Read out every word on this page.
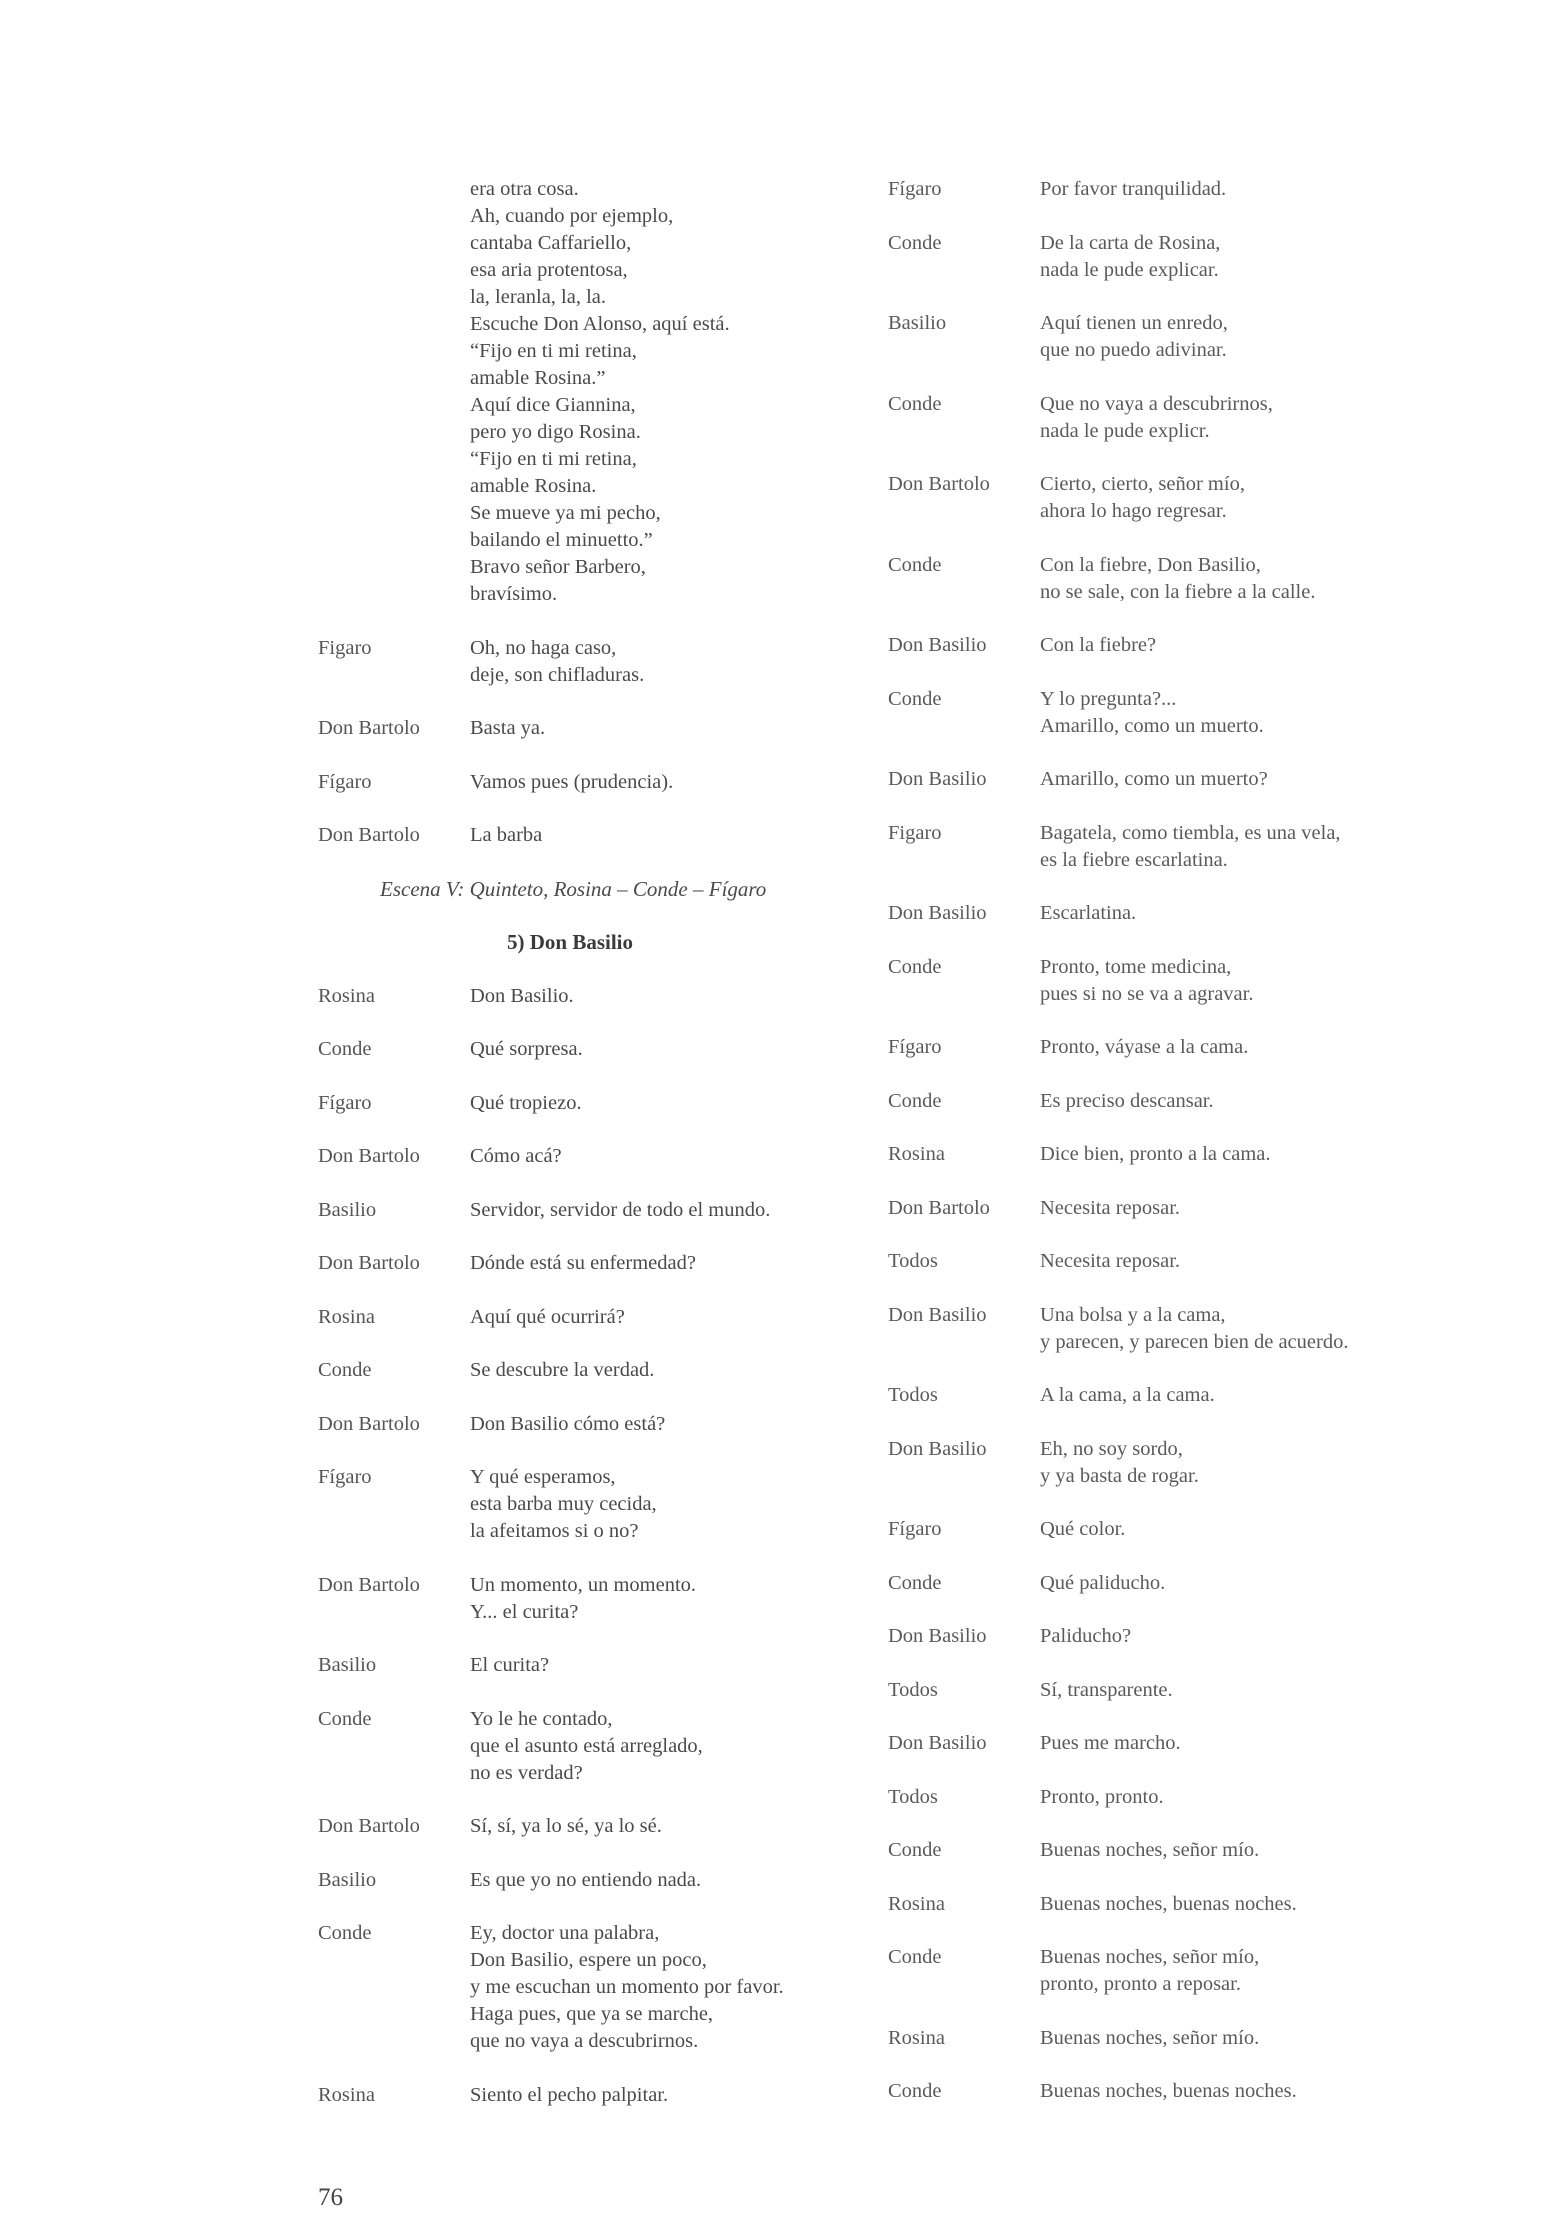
era otra cosa.
Ah, cuando por ejemplo,
cantaba Caffariello,
esa aria protentosa,
la, leranla, la, la.
Escuche Don Alonso, aquí está.
“Fijo en ti mi retina,
amable Rosina.”
Aquí dice Giannina,
pero yo digo Rosina.
“Fijo en ti mi retina,
amable Rosina.
Se mueve ya mi pecho,
bailando el minuetto.”
Bravo señor Barbero,
bravísimo.
Figaro	Oh, no haga caso,
deje, son chifladuras.
Don Bartolo Basta ya.
Fígaro	Vamos pues (prudencia).
Don Bartolo La barba
Escena V: Quinteto, Rosina – Conde – Fígaro
5) Don Basilio
Rosina	Don Basilio.
Conde	Qué sorpresa.
Fígaro	Qué tropiezo.
Don Bartolo Cómo acá?
Basilio	Servidor, servidor de todo el mundo.
Don Bartolo Dónde está su enfermedad?
Rosina	Aquí qué ocurrirá?
Conde	Se descubre la verdad.
Don Bartolo Don Basilio cómo está?
Fígaro	Y qué esperamos,
esta barba muy cecida,
la afeitamos si o no?
Don Bartolo Un momento, un momento.
Y... el curita?
Basilio	El curita?
Conde	Yo le he contado,
que el asunto está arreglado,
no es verdad?
Don Bartolo Sí, sí, ya lo sé, ya lo sé.
Basilio	Es que yo no entiendo nada.
Conde	Ey, doctor una palabra,
Don Basilio, espere un poco,
y me escuchan un momento por favor.
Haga pues, que ya se marche,
que no vaya a descubrirnos.
Rosina	Siento el pecho palpitar.
Fígaro	Por favor tranquilidad.
Conde	De la carta de Rosina,
nada le pude explicar.
Basilio	Aquí tienen un enredo,
que no puedo adivinar.
Conde	Que no vaya a descubrirnos,
nada le pude explicr.
Don Bartolo Cierto, cierto, señor mío,
ahora lo hago regresar.
Conde	Con la fiebre, Don Basilio,
no se sale, con la fiebre a la calle.
Don Basilio	Con la fiebre?
Conde	Y lo pregunta?...
Amarillo, como un muerto.
Don Basilio	Amarillo, como un muerto?
Figaro	Bagatela, como tiembla, es una vela,
es la fiebre escarlatina.
Don Basilio	Escarlatina.
Conde	Pronto, tome medicina,
pues si no se va a agravar.
Fígaro	Pronto, váyase a la cama.
Conde	Es preciso descansar.
Rosina	Dice bien, pronto a la cama.
Don Bartolo Necesita reposar.
Todos	Necesita reposar.
Don Basilio	Una bolsa y a la cama,
y parecen, y parecen bien de acuerdo.
Todos	A la cama, a la cama.
Don Basilio	Eh, no soy sordo,
y ya basta de rogar.
Fígaro	Qué color.
Conde	Qué paliducho.
Don Basilio	Paliducho?
Todos	Sí, transparente.
Don Basilio	Pues me marcho.
Todos	Pronto, pronto.
Conde	Buenas noches, señor mío.
Rosina	Buenas noches, buenas noches.
Conde	Buenas noches, señor mío,
pronto, pronto a reposar.
Rosina	Buenas noches, señor mío.
Conde	Buenas noches, buenas noches.
76
